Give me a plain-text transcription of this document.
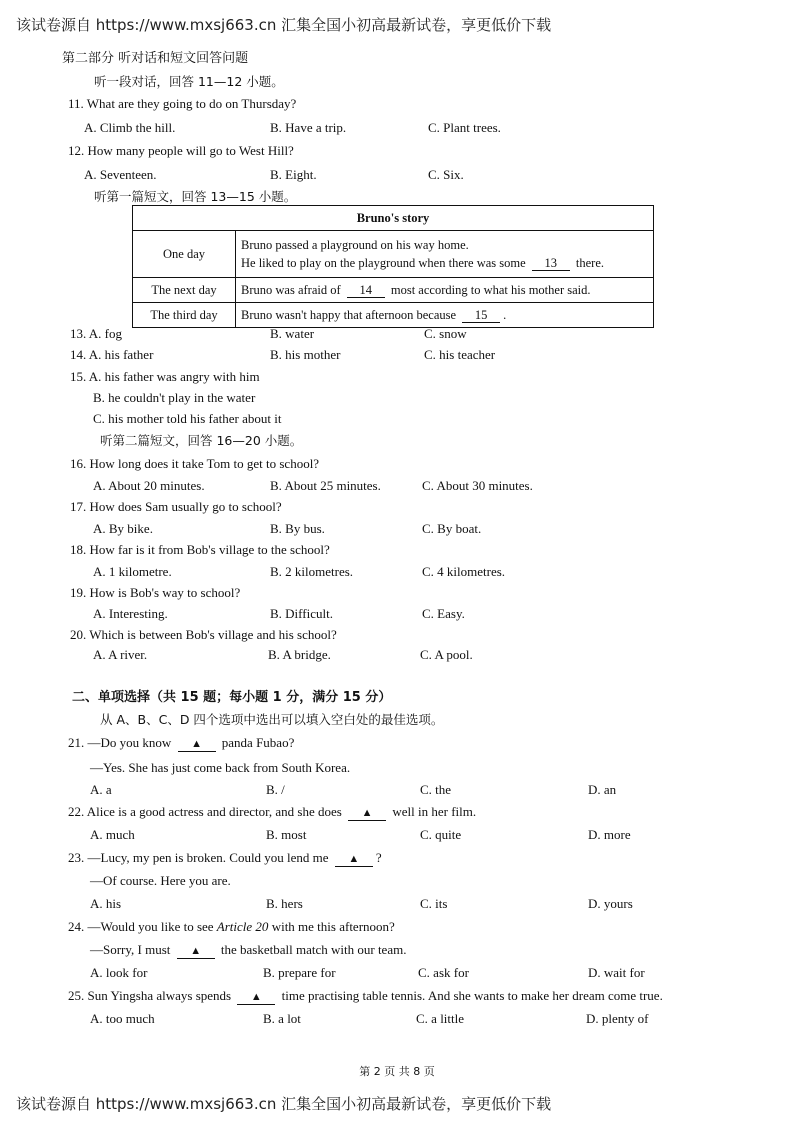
该试卷源自 https://www.mxsj663.cn 汇集全国小初高最新试卷，享更低价下载
第二部分 听对话和短文回答问题
听一段对话，回答 11—12 小题。
11. What are they going to do on Thursday?
A. Climb the hill.	B. Have a trip.	C. Plant trees.
12. How many people will go to West Hill?
A. Seventeen.	B. Eight.	C. Six.
听第一篇短文，回答 13—15 小题。
Bruno's story	
One day	Bruno passed a playground on his way home.
He liked to play on the playground when there was some 13 there.

The next day	Bruno was afraid of 14 most according to what his mother said.
The third day	Bruno wasn't happy that afternoon because 15 .
13. A. fog	B. water	C. snow
14. A. his father	B. his mother	C. his teacher
15. A. his father was angry with him
B. he couldn't play in the water
C. his mother told his father about it
听第二篇短文，回答 16—20 小题。
16. How long does it take Tom to get to school?
A. About 20 minutes.	B. About 25 minutes.	C. About 30 minutes.
17. How does Sam usually go to school?
A. By bike.	B. By bus.	C. By boat.
18. How far is it from Bob's village to the school?
A. 1 kilometre.	B. 2 kilometres.	C. 4 kilometres.
19. How is Bob's way to school?
A. Interesting.	B. Difficult.	C. Easy.
20. Which is between Bob's village and his school?
A. A river.	B. A bridge.	C. A pool.
二、单项选择（共 15 题；每小题 1 分，满分 15 分）
从 A、B、C、D 四个选项中选出可以填入空白处的最佳选项。
21. —Do you know ▲ panda Fubao?
—Yes. She has just come back from South Korea.
A. a	B. /	C. the	D. an
22. Alice is a good actress and director, and she does ▲ well in her film.
A. much	B. most	C. quite	D. more
23. —Lucy, my pen is broken. Could you lend me ▲ ?
—Of course. Here you are.
A. his	B. hers	C. its	D. yours
24. —Would you like to see Article 20 with me this afternoon?
—Sorry, I must ▲ the basketball match with our team.
A. look for	B. prepare for	C. ask for	D. wait for
25. Sun Yingsha always spends ▲ time practising table tennis. And she wants to make her dream come true.
A. too much	B. a lot	C. a little	D. plenty of
第 2 页 共 8 页
该试卷源自 https://www.mxsj663.cn 汇集全国小初高最新试卷，享更低价下载
